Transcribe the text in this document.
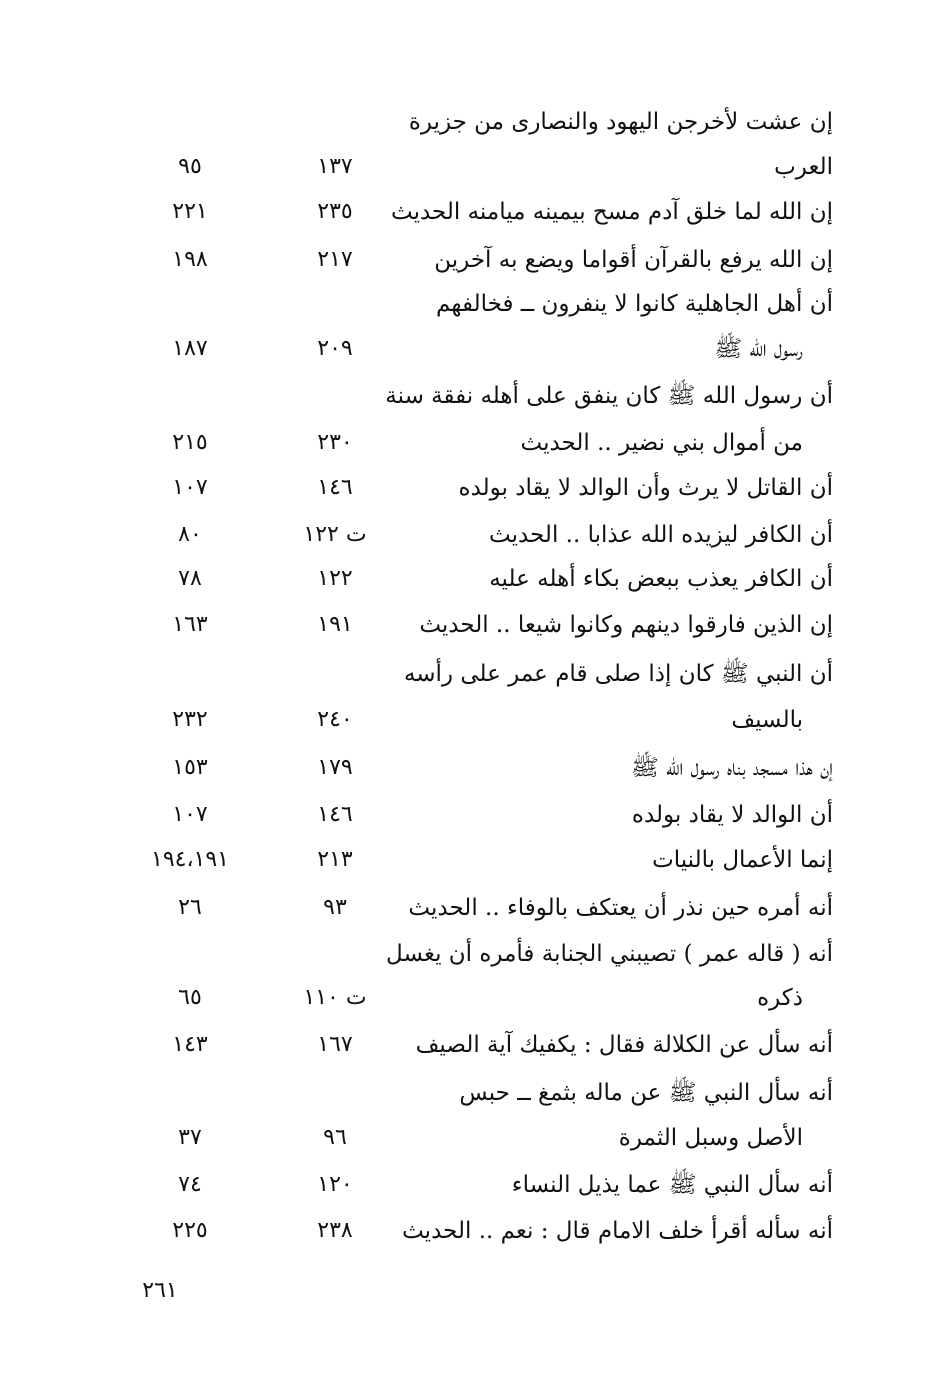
إن عشت لأخرجن اليهود والنصارى من جزيرة
العرب
١٣٧
٩٥
إن الله لما خلق آدم مسح بيمينه ميامنه الحديث
٢٣٥
٢٢١
إن الله يرفع بالقرآن أقواما ويضع به آخرين
٢١٧
١٩٨
أن أهل الجاهلية كانوا لا ينفرون ــ فخالفهم
رسول الله ﷺ
٢٠٩
١٨٧
أن رسول الله ﷺ كان ينفق على أهله نفقة سنة
من أموال بني نضير .. الحديث
٢٣٠
٢١٥
أن القاتل لا يرث وأن الوالد لا يقاد بولده
١٤٦
١٠٧
أن الكافر ليزيده الله عذابا .. الحديث
ت ١٢٢
٨٠
أن الكافر يعذب ببعض بكاء أهله عليه
١٢٢
٧٨
إن الذين فارقوا دينهم وكانوا شيعا .. الحديث
١٩١
١٦٣
أن النبي ﷺ كان إذا صلى قام عمر على رأسه
بالسيف
٢٤٠
٢٣٢
إن هذا مسجد بناه رسول الله ﷺ
١٧٩
١٥٣
أن الوالد لا يقاد بولده
١٤٦
١٠٧
إنما الأعمال بالنيات
٢١٣
١٩٤،١٩١
أنه أمره حين نذر أن يعتكف بالوفاء .. الحديث
٩٣
٢٦
أنه ( قاله عمر ) تصيبني الجنابة فأمره أن يغسل
ذكره
ت ١١٠
٦٥
أنه سأل عن الكلالة فقال : يكفيك آية الصيف
١٦٧
١٤٣
أنه سأل النبي ﷺ عن ماله بثمغ ــ حبس
الأصل وسبل الثمرة
٩٦
٣٧
أنه سأل النبي ﷺ عما يذيل النساء
١٢٠
٧٤
أنه سأله أقرأ خلف الامام قال : نعم .. الحديث
٢٣٨
٢٢٥
٢٦١
